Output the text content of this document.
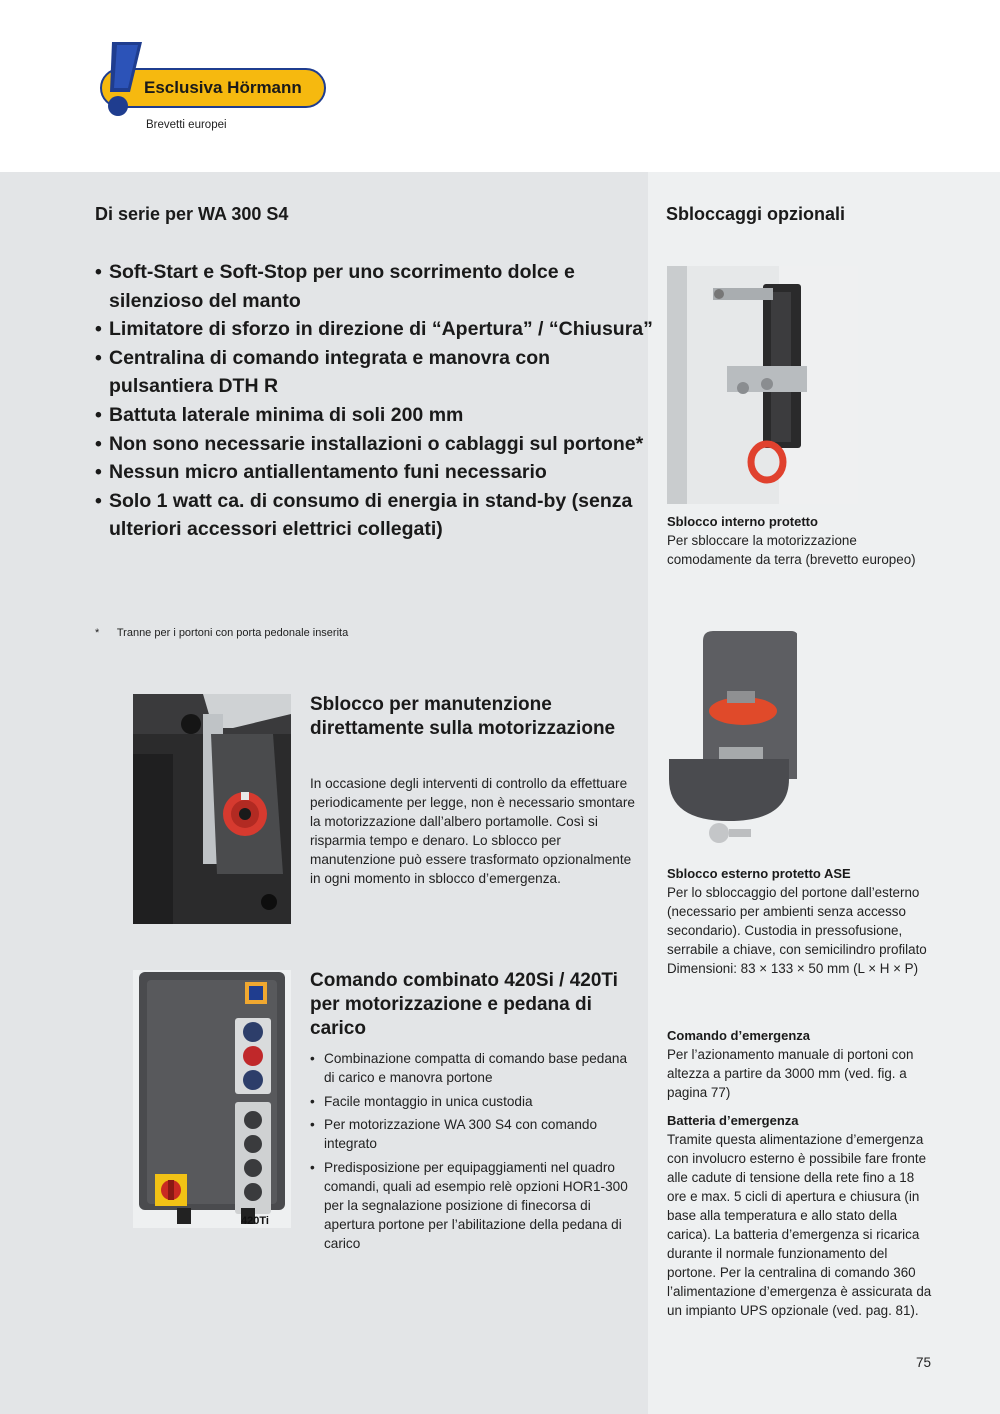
Esclusiva Hörmann
Brevetti europei
Di serie per WA 300 S4
• Soft-Start e Soft-Stop per uno scorrimento dolce e silenzioso del manto
• Limitatore di sforzo in direzione di “Apertura” / “Chiusura”
• Centralina di comando integrata e manovra con pulsantiera DTH R
• Battuta laterale minima di soli 200 mm
• Non sono necessarie installazioni o cablaggi sul portone*
• Nessun micro antiallentamento funi necessario
• Solo 1 watt ca. di consumo di energia in stand-by (senza ulteriori accessori elettrici collegati)
* Tranne per i portoni con porta pedonale inserita

Sblocco per manutenzione direttamente sulla motorizzazione

In occasione degli interventi di controllo da effettuare periodicamente per legge, non è necessario smontare la motorizzazione dall’albero portamolle. Così si risparmia tempo e denaro. Lo sblocco per manutenzione può essere trasformato opzionalmente in ogni momento in sblocco d’emergenza.

420Ti

Comando combinato 420Si / 420Ti per motorizzazione e pedana di carico

• Combinazione compatta di comando base pedana di carico e manovra portone
• Facile montaggio in unica custodia
• Per motorizzazione WA 300 S4 con comando integrato
• Predisposizione per equipaggiamenti nel quadro comandi, quali ad esempio relè opzioni HOR1-300 per la segnalazione posizione di finecorsa di apertura portone per l’abilitazione della pedana di carico
Sbloccaggi opzionali

Sblocco interno protetto

Per sbloccare la motorizzazione comodamente da terra (brevetto europeo)

Sblocco esterno protetto ASE

Per lo sbloccaggio del portone dall’esterno (necessario per ambienti senza accesso secondario). Custodia in pressofusione, serrabile a chiave, con semicilindro profilato Dimensioni: 83 × 133 × 50 mm (L × H × P)

Comando d’emergenza

Per l’azionamento manuale di portoni con altezza a partire da 3000 mm (ved. fig. a pagina 77)

Batteria d’emergenza

Tramite questa alimentazione d’emergenza con involucro esterno è possibile fare fronte alle cadute di tensione della rete fino a 18 ore e max. 5 cicli di apertura e chiusura (in base alla temperatura e allo stato della carica). La batteria d’emergenza si ricarica durante il normale funzionamento del portone. Per la centralina di comando 360 l’alimentazione d’emergenza è assicurata da un impianto UPS opzionale (ved. pag. 81).

75
